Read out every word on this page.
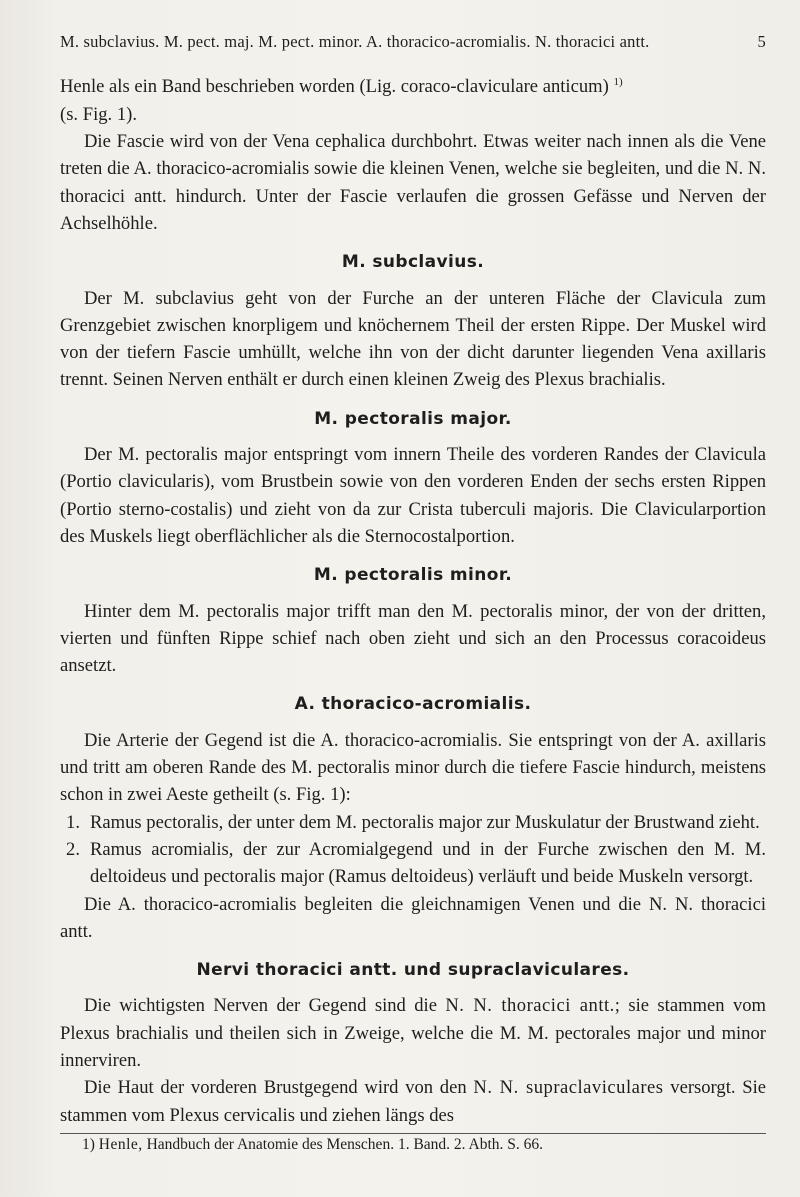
M. subclavius. M. pect. maj. M. pect. minor. A. thoracico-acromialis. N. thoracici antt.	5

Henle als ein Band beschrieben worden (Lig. coraco-claviculare anticum) $^{1)}$
(s. Fig. 1).

Die Fascie wird von der Vena cephalica durchbohrt. Etwas weiter nach innen als die Vene treten die A. thoracico-acromialis sowie die kleinen Venen, welche sie begleiten, und die N. N. thoracici antt. hindurch. Unter der Fascie verlaufen die grossen Gefässe und Nerven der Achselhöhle.

M. subclavius.

Der M. subclavius geht von der Furche an der unteren Fläche der Clavicula zum Grenzgebiet zwischen knorpligem und knöchernem Theil der ersten Rippe. Der Muskel wird von der tiefern Fascie umhüllt, welche ihn von der dicht darunter liegenden Vena axillaris trennt. Seinen Nerven enthält er durch einen kleinen Zweig des Plexus brachialis.

M. pectoralis major.

Der M. pectoralis major entspringt vom innern Theile des vorderen Randes der Clavicula (Portio clavicularis), vom Brustbein sowie von den vorderen Enden der sechs ersten Rippen (Portio sterno-costalis) und zieht von da zur Crista tuberculi majoris. Die Clavicularportion des Muskels liegt oberflächlicher als die Sternocostalportion.

M. pectoralis minor.

Hinter dem M. pectoralis major trifft man den M. pectoralis minor, der von der dritten, vierten und fünften Rippe schief nach oben zieht und sich an den Processus coracoideus ansetzt.

A. thoracico-acromialis.

Die Arterie der Gegend ist die A. thoracico-acromialis. Sie entspringt von der A. axillaris und tritt am oberen Rande des M. pectoralis minor durch die tiefere Fascie hindurch, meistens schon in zwei Aeste getheilt (s. Fig. 1):

1. Ramus pectoralis, der unter dem M. pectoralis major zur Muskulatur der Brustwand zieht.
2. Ramus acromialis, der zur Acromialgegend und in der Furche zwischen den M. M. deltoideus und pectoralis major (Ramus deltoideus) verläuft und beide Muskeln versorgt.

Die A. thoracico-acromialis begleiten die gleichnamigen Venen und die N. N. thoracici antt.

Nervi thoracici antt. und supraclaviculares.

Die wichtigsten Nerven der Gegend sind die N. N. thoracici antt.; sie stammen vom Plexus brachialis und theilen sich in Zweige, welche die M. M. pectorales major und minor innerviren.

Die Haut der vorderen Brustgegend wird von den N. N. supraclaviculares versorgt. Sie stammen vom Plexus cervicalis und ziehen längs des

1) Henle, Handbuch der Anatomie des Menschen. 1. Band. 2. Abth. S. 66.
